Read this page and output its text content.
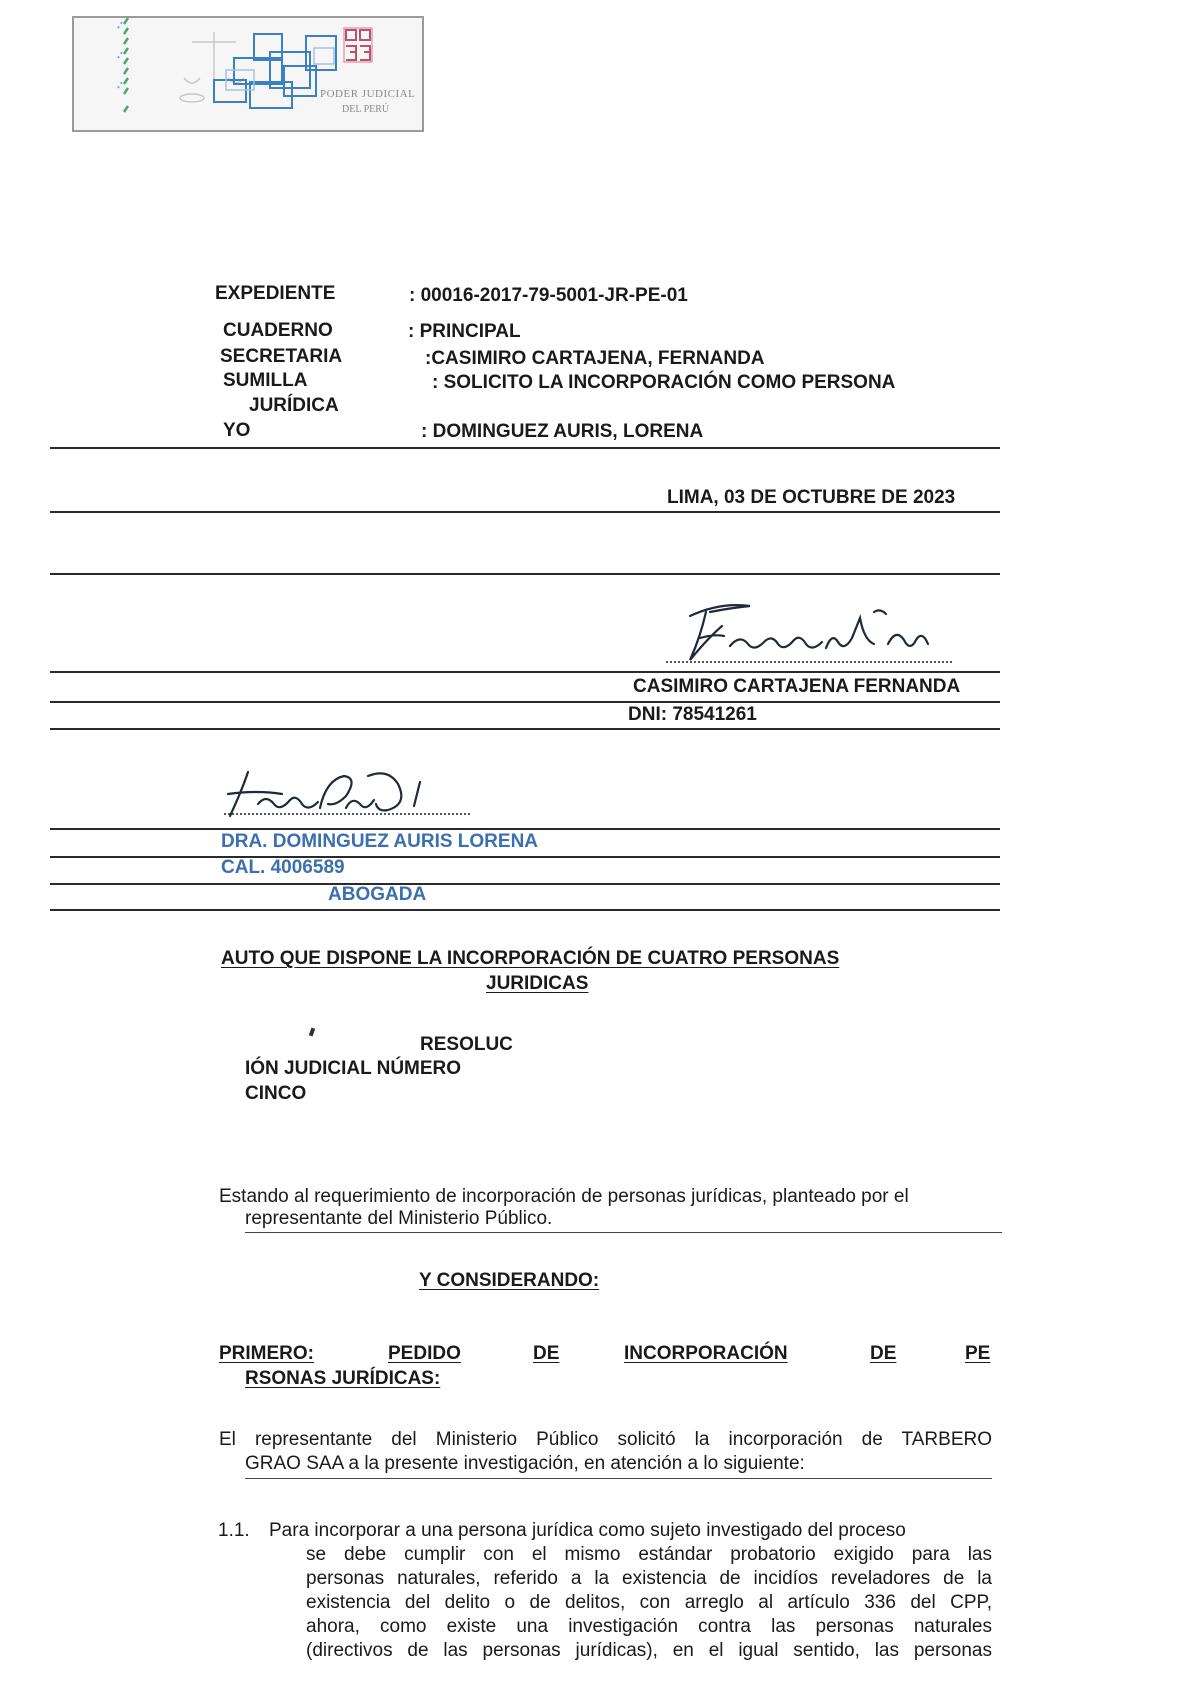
PODER JUDICIAL
DEL PERÚ
EXPEDIENTE	: 00016-2017-79-5001-JR-PE-01
CUADERNO	: PRINCIPAL
SECRETARIA	:CASIMIRO CARTAJENA, FERNANDA
SUMILLA	: SOLICITO LA INCORPORACIÓN COMO PERSONA
JURÍDICA
YO	: DOMINGUEZ AURIS, LORENA
LIMA, 03 DE OCTUBRE DE 2023
CASIMIRO CARTAJENA FERNANDA
DNI: 78541261
DRA. DOMINGUEZ AURIS LORENA
CAL. 4006589
ABOGADA
AUTO QUE DISPONE LA INCORPORACIÓN DE CUATRO PERSONAS
JURIDICAS
RESOLUC
IÓN JUDICIAL NÚMERO
CINCO
Estando al requerimiento de incorporación de personas jurídicas, planteado por el
representante del Ministerio Público.
Y CONSIDERANDO:
PRIMERO:	PEDIDO	DE	INCORPORACIÓN	DE	PE
RSONAS JURÍDICAS:
El representante del Ministerio Público solicitó la incorporación de TARBERO
GRAO SAA a la presente investigación, en atención a lo siguiente:
1.1. Para incorporar a una persona jurídica como sujeto investigado del proceso
se debe cumplir con el mismo estándar probatorio exigido para las
personas naturales, referido a la existencia de incidíos reveladores de la
existencia del delito o de delitos, con arreglo al artículo 336 del CPP,
ahora, como existe una investigación contra las personas naturales
(directivos de las personas jurídicas), en el igual sentido, las personas
